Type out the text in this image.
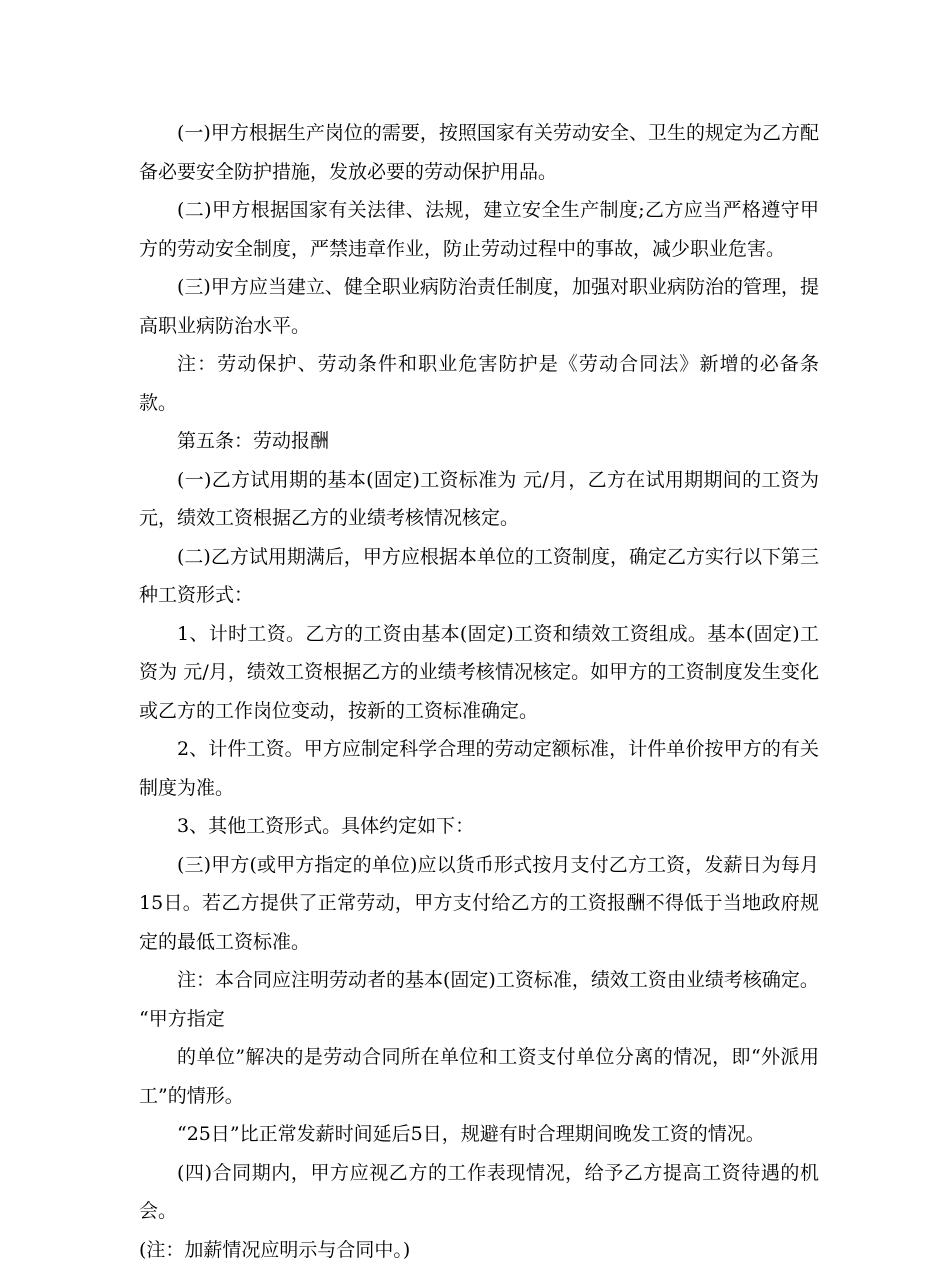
(一)甲方根据生产岗位的需要，按照国家有关劳动安全、卫生的规定为乙方配备必要安全防护措施，发放必要的劳动保护用品。

(二)甲方根据国家有关法律、法规，建立安全生产制度;乙方应当严格遵守甲方的劳动安全制度，严禁违章作业，防止劳动过程中的事故，减少职业危害。

(三)甲方应当建立、健全职业病防治责任制度，加强对职业病防治的管理，提高职业病防治水平。

注：劳动保护、劳动条件和职业危害防护是《劳动合同法》新增的必备条款。

第五条：劳动报酬

(一)乙方试用期的基本(固定)工资标准为 元/月，乙方在试用期期间的工资为元，绩效工资根据乙方的业绩考核情况核定。

(二)乙方试用期满后，甲方应根据本单位的工资制度，确定乙方实行以下第三种工资形式：

1、计时工资。乙方的工资由基本(固定)工资和绩效工资组成。基本(固定)工资为 元/月，绩效工资根据乙方的业绩考核情况核定。如甲方的工资制度发生变化或乙方的工作岗位变动，按新的工资标准确定。

2、计件工资。甲方应制定科学合理的劳动定额标准，计件单价按甲方的有关制度为准。

3、其他工资形式。具体约定如下：

(三)甲方(或甲方指定的单位)应以货币形式按月支付乙方工资，发薪日为每月15日。若乙方提供了正常劳动，甲方支付给乙方的工资报酬不得低于当地政府规定的最低工资标准。

注：本合同应注明劳动者的基本(固定)工资标准，绩效工资由业绩考核确定。

“甲方指定

的单位”解决的是劳动合同所在单位和工资支付单位分离的情况，即“外派用工”的情形。

“25日”比正常发薪时间延后5日，规避有时合理期间晚发工资的情况。

(四)合同期内，甲方应视乙方的工作表现情况，给予乙方提高工资待遇的机会。

(注：加薪情况应明示与合同中。)
